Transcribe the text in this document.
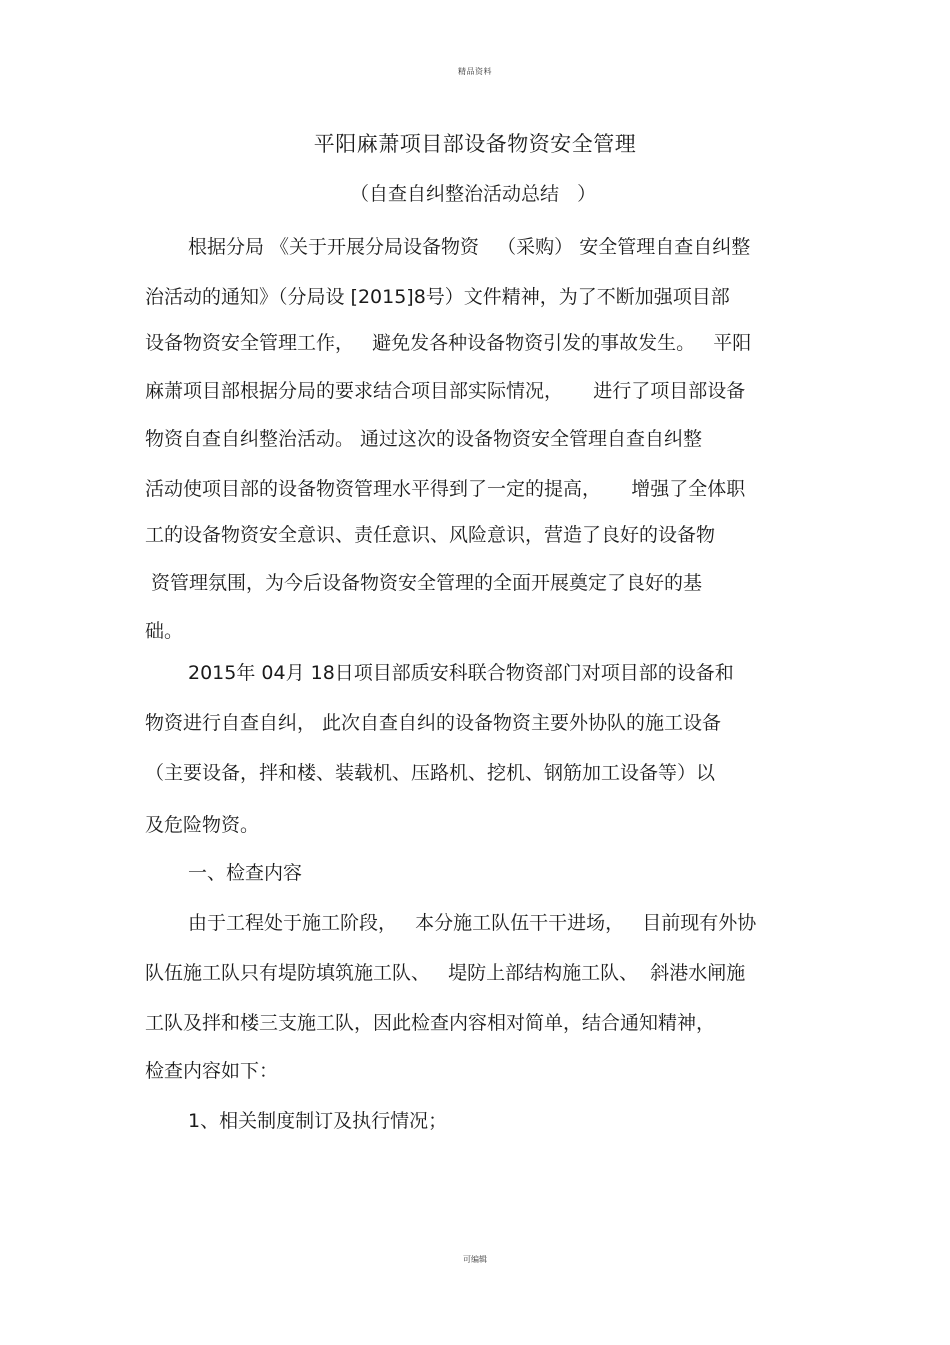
精品资料
平阳麻萧项目部设备物资安全管理

（自查自纠整治活动总结   ）

根据分局 《关于开展分局设备物资   （采购） 安全管理自查自纠整

治活动的通知》（分局设 [2015]8号）文件精神，为了不断加强项目部

设备物资安全管理工作，   避免发各种设备物资引发的事故发生。   平阳

麻萧项目部根据分局的要求结合项目部实际情况，     进行了项目部设备

物资自查自纠整治活动。 通过这次的设备物资安全管理自查自纠整

活动使项目部的设备物资管理水平得到了一定的提高，     增强了全体职

工的设备物资安全意识、责任意识、风险意识，营造了良好的设备物

资管理氛围，为今后设备物资安全管理的全面开展奠定了良好的基

础。

2015年 04月 18日项目部质安科联合物资部门对项目部的设备和

物资进行自查自纠， 此次自查自纠的设备物资主要外协队的施工设备

（主要设备，拌和楼、装载机、压路机、挖机、钢筋加工设备等）以

及危险物资。

一、检查内容

由于工程处于施工阶段，   本分施工队伍干干进场，   目前现有外协

队伍施工队只有堤防填筑施工队、   堤防上部结构施工队、  斜港水闸施

工队及拌和楼三支施工队，因此检查内容相对简单，结合通知精神，

检查内容如下：

1、相关制度制订及执行情况；

可编辑
